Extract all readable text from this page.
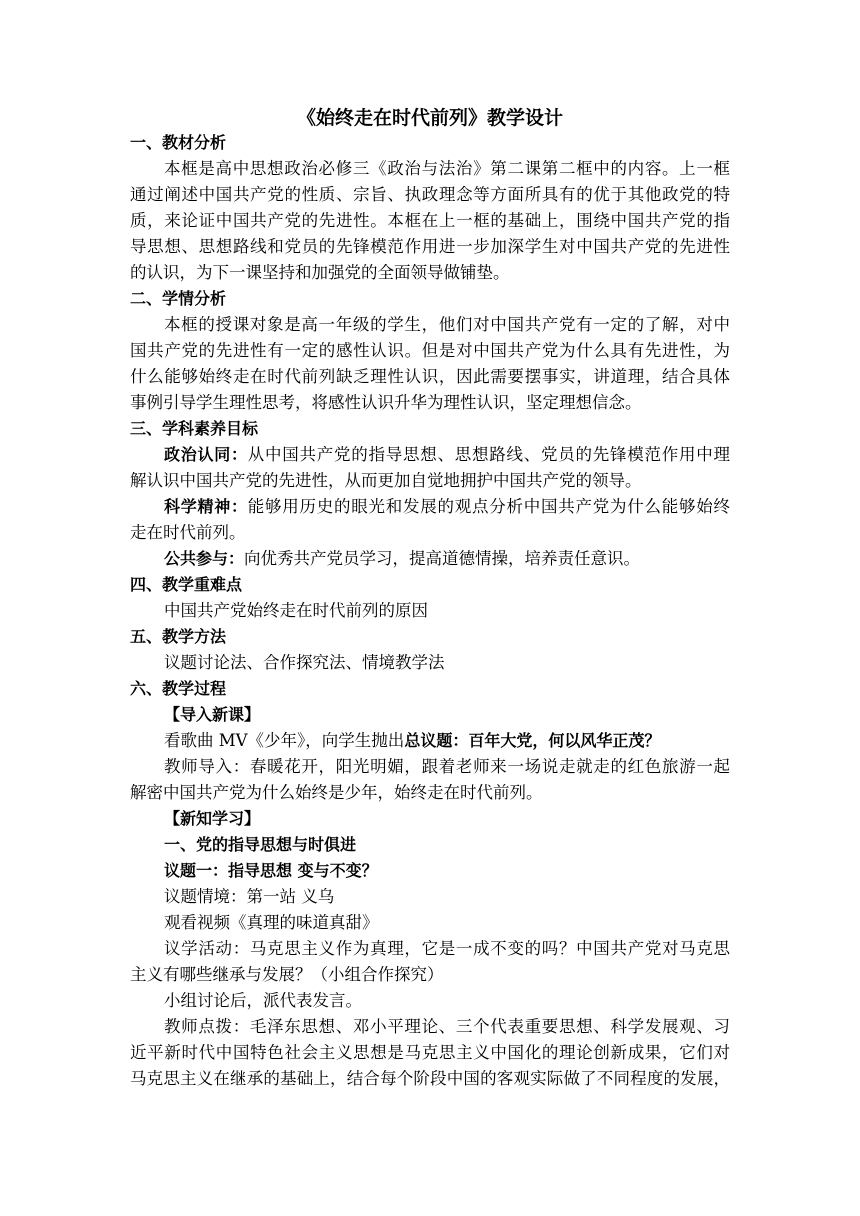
《始终走在时代前列》教学设计
一、教材分析
本框是高中思想政治必修三《政治与法治》第二课第二框中的内容。上一框
通过阐述中国共产党的性质、宗旨、执政理念等方面所具有的优于其他政党的特
质，来论证中国共产党的先进性。本框在上一框的基础上，围绕中国共产党的指
导思想、思想路线和党员的先锋模范作用进一步加深学生对中国共产党的先进性
的认识，为下一课坚持和加强党的全面领导做铺垫。
二、学情分析
本框的授课对象是高一年级的学生，他们对中国共产党有一定的了解，对中
国共产党的先进性有一定的感性认识。但是对中国共产党为什么具有先进性，为
什么能够始终走在时代前列缺乏理性认识，因此需要摆事实，讲道理，结合具体
事例引导学生理性思考，将感性认识升华为理性认识，坚定理想信念。
三、学科素养目标
政治认同：从中国共产党的指导思想、思想路线、党员的先锋模范作用中理
解认识中国共产党的先进性，从而更加自觉地拥护中国共产党的领导。
科学精神：能够用历史的眼光和发展的观点分析中国共产党为什么能够始终
走在时代前列。
公共参与：向优秀共产党员学习，提高道德情操，培养责任意识。
四、教学重难点
中国共产党始终走在时代前列的原因
五、教学方法
议题讨论法、合作探究法、情境教学法
六、教学过程
【导入新课】
看歌曲 MV《少年》，向学生抛出总议题：百年大党，何以风华正茂？
教师导入：春暖花开，阳光明媚，跟着老师来一场说走就走的红色旅游一起
解密中国共产党为什么始终是少年，始终走在时代前列。
【新知学习】
一、党的指导思想与时俱进
议题一：指导思想 变与不变？
议题情境：第一站 义乌
观看视频《真理的味道真甜》
议学活动：马克思主义作为真理，它是一成不变的吗？中国共产党对马克思
主义有哪些继承与发展？（小组合作探究）
小组讨论后，派代表发言。
教师点拨：毛泽东思想、邓小平理论、三个代表重要思想、科学发展观、习
近平新时代中国特色社会主义思想是马克思主义中国化的理论创新成果，它们对
马克思主义在继承的基础上，结合每个阶段中国的客观实际做了不同程度的发展，
